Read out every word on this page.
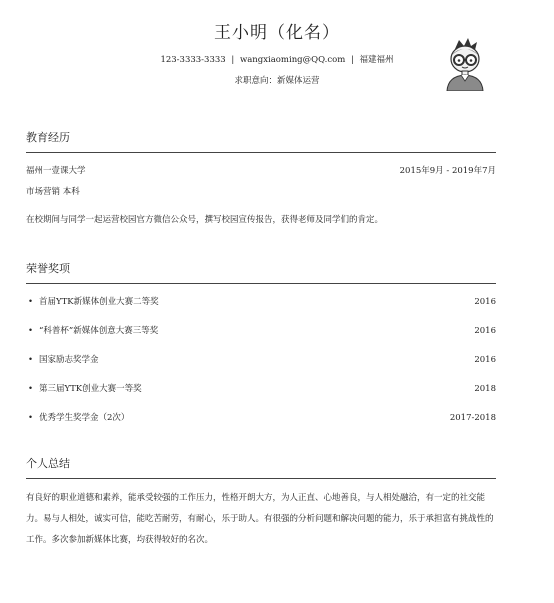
王小明（化名）
123-3333-3333 | wangxiaoming@QQ.com | 福建福州
求职意向：新媒体运营
教育经历
福州一壹课大学	2015年9月 - 2019年7月
市场营销 本科
在校期间与同学一起运营校园官方微信公众号，撰写校园宣传报告，获得老师及同学们的肯定。
荣誉奖项
• 首届YTK新媒体创业大赛二等奖	2016
• “科普杯”新媒体创意大赛三等奖	2016
• 国家励志奖学金	2016
• 第三届YTK创业大赛一等奖	2018
• 优秀学生奖学金（2次）	2017-2018
个人总结
有良好的职业道德和素养，能承受较强的工作压力，性格开朗大方，为人正直、心地善良，与人相处融洽，有一定的社交能力。易与人相处，诚实可信，能吃苦耐劳，有耐心，乐于助人。有很强的分析问题和解决问题的能力，乐于承担富有挑战性的工作。多次参加新媒体比赛，均获得较好的名次。
